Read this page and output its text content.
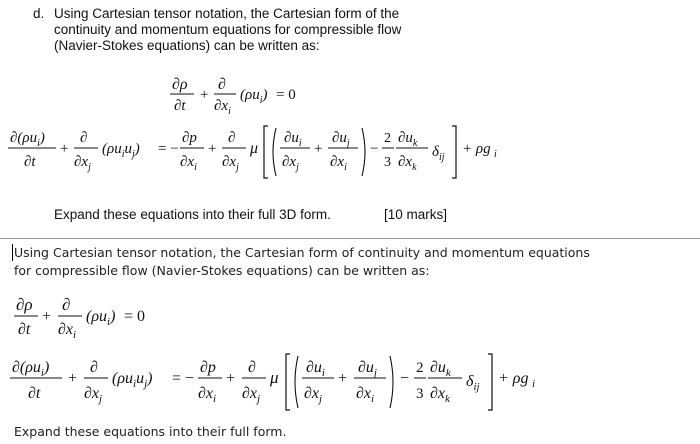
d. Using Cartesian tensor notation, the Cartesian form of the
continuity and momentum equations for compressible flow
(Navier-Stokes equations) can be written as:
∂ρ
∂t
+
∂
$\partial x_i$
$(\rho u_i) = 0$
$\partial(\rho u_i)$
∂t
+
∂
$\partial x_j$
$(\rho u_iu_j)$ = −
∂p
$\partial x_i$
+
∂
$\partial x_j$
μ
$\partial u_i$
$\partial x_j$
+
$\partial u_j$
$\partial x_i$
−
2
3
$\partial u_k$
$\partial x_k$
$\delta_{ij}$
+ ρg i
Expand these equations into their full 3D form.	[10 marks]
Using Cartesian tensor notation, the Cartesian form of continuity and momentum equations
for compressible flow (Navier-Stokes equations) can be written as:
∂ρ
∂t
+
∂
$\partial x_i$
$(\rho u_i) = 0$
$\partial(\rho u_i)$
∂t
+
∂
$\partial x_j$
$(\rho u_iu_j)$ = −
∂p
$\partial x_i$
+
∂
$\partial x_j$
μ
$\partial u_i$
$\partial x_j$
+
$\partial u_j$
$\partial x_i$
−
2
3
$\partial u_k$
$\partial x_k$
$\delta_{ij} + \rho g$ i
Expand these equations into their full form.
